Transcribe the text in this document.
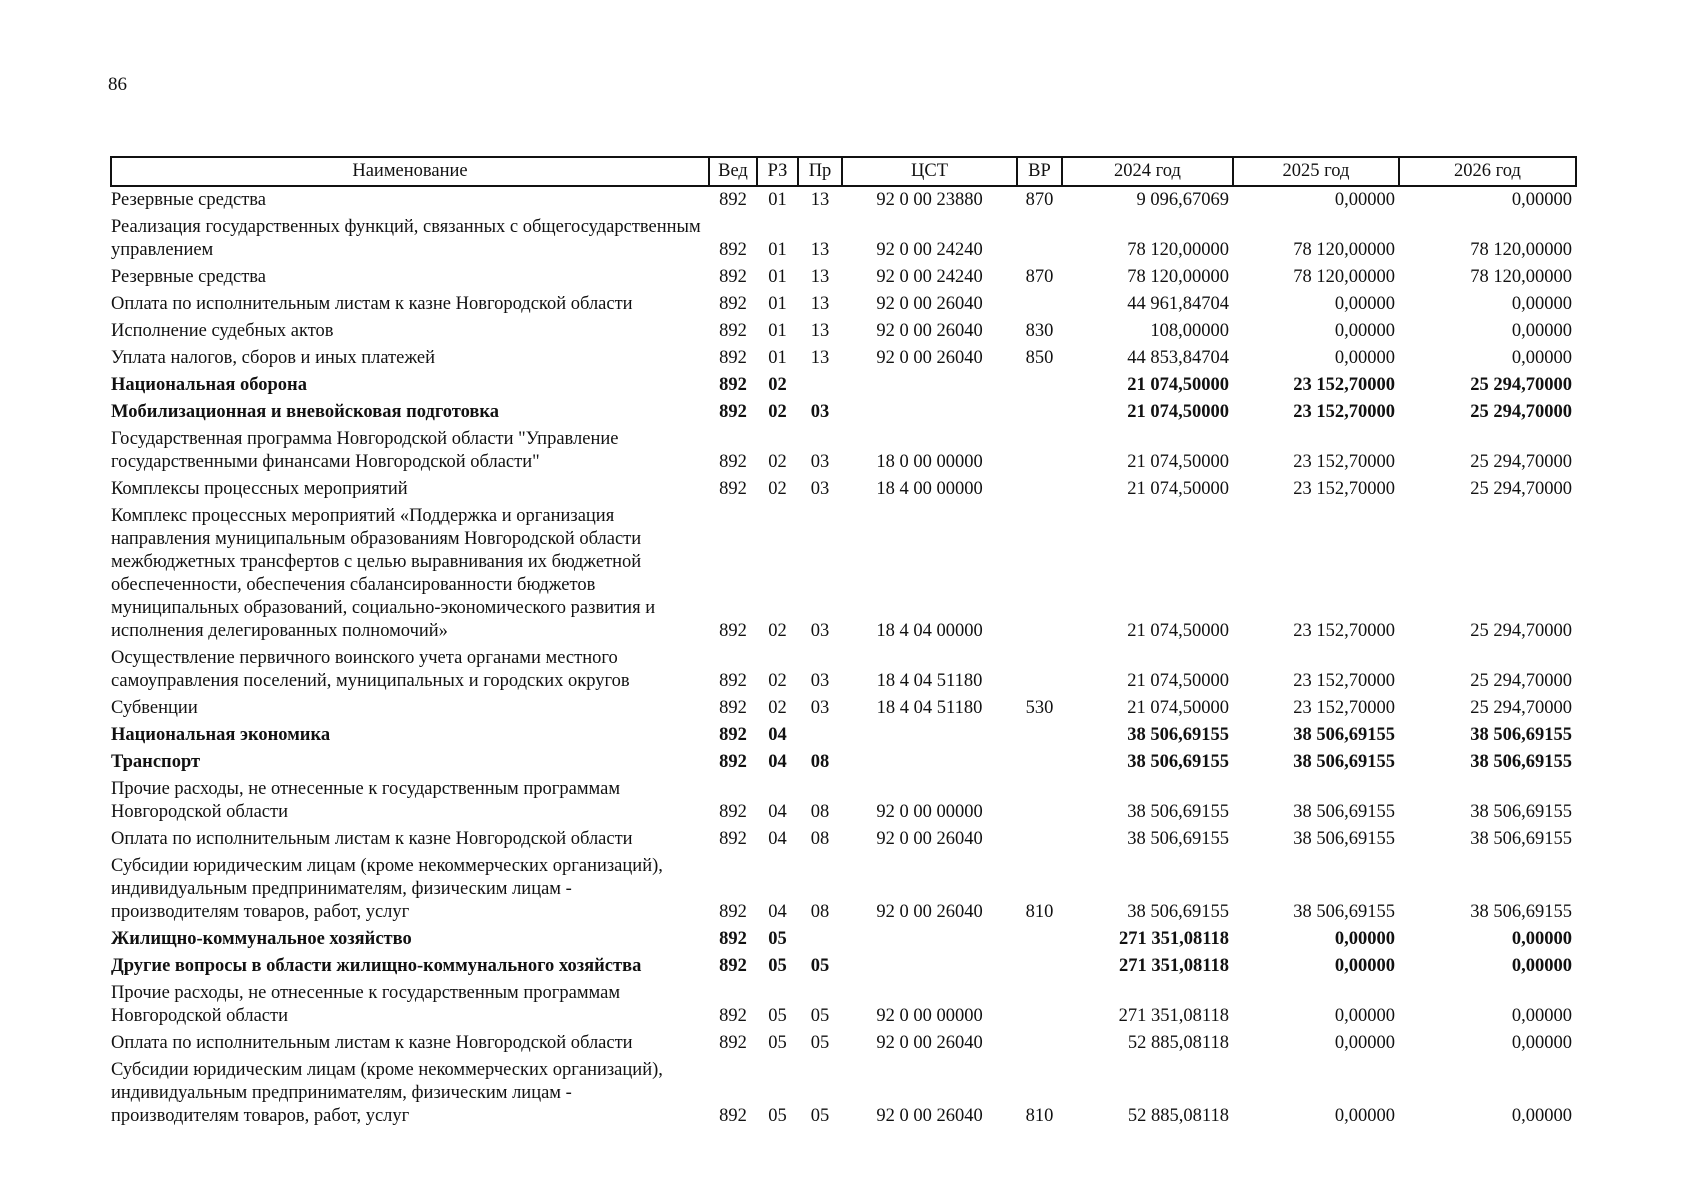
86
Наименование	Вед	РЗ	Пр	ЦСТ	ВР	2024 год	2025 год	2026 год
Резервные средства	892	01	13	92 0 00 23880	870	9 096,67069	0,00000	0,00000
Реализация государственных функций, связанных с общегосударственным управлением	892	01	13	92 0 00 24240		78 120,00000	78 120,00000	78 120,00000
Резервные средства	892	01	13	92 0 00 24240	870	78 120,00000	78 120,00000	78 120,00000
Оплата по исполнительным листам к казне Новгородской области	892	01	13	92 0 00 26040		44 961,84704	0,00000	0,00000
Исполнение судебных актов	892	01	13	92 0 00 26040	830	108,00000	0,00000	0,00000
Уплата налогов, сборов и иных платежей	892	01	13	92 0 00 26040	850	44 853,84704	0,00000	0,00000
Национальная оборона	892	02				21 074,50000	23 152,70000	25 294,70000
Мобилизационная и вневойсковая подготовка	892	02	03			21 074,50000	23 152,70000	25 294,70000
Государственная программа Новгородской области "Управление государственными финансами Новгородской области"	892	02	03	18 0 00 00000		21 074,50000	23 152,70000	25 294,70000
Комплексы процессных мероприятий	892	02	03	18 4 00 00000		21 074,50000	23 152,70000	25 294,70000
Комплекс процессных мероприятий «Поддержка и организация направления муниципальным образованиям Новгородской области межбюджетных трансфертов с целью выравнивания их бюджетной обеспеченности, обеспечения сбалансированности бюджетов муниципальных образований, социально-экономического развития и исполнения делегированных полномочий»	892	02	03	18 4 04 00000		21 074,50000	23 152,70000	25 294,70000
Осуществление первичного воинского учета органами местного самоуправления поселений, муниципальных и городских округов	892	02	03	18 4 04 51180		21 074,50000	23 152,70000	25 294,70000
Субвенции	892	02	03	18 4 04 51180	530	21 074,50000	23 152,70000	25 294,70000
Национальная экономика	892	04				38 506,69155	38 506,69155	38 506,69155
Транспорт	892	04	08			38 506,69155	38 506,69155	38 506,69155
Прочие расходы, не отнесенные к государственным программам Новгородской области	892	04	08	92 0 00 00000		38 506,69155	38 506,69155	38 506,69155
Оплата по исполнительным листам к казне Новгородской области	892	04	08	92 0 00 26040		38 506,69155	38 506,69155	38 506,69155
Субсидии юридическим лицам (кроме некоммерческих организаций), индивидуальным предпринимателям, физическим лицам - производителям товаров, работ, услуг	892	04	08	92 0 00 26040	810	38 506,69155	38 506,69155	38 506,69155
Жилищно-коммунальное хозяйство	892	05				271 351,08118	0,00000	0,00000
Другие вопросы в области жилищно-коммунального хозяйства	892	05	05			271 351,08118	0,00000	0,00000
Прочие расходы, не отнесенные к государственным программам Новгородской области	892	05	05	92 0 00 00000		271 351,08118	0,00000	0,00000
Оплата по исполнительным листам к казне Новгородской области	892	05	05	92 0 00 26040		52 885,08118	0,00000	0,00000
Субсидии юридическим лицам (кроме некоммерческих организаций), индивидуальным предпринимателям, физическим лицам - производителям товаров, работ, услуг	892	05	05	92 0 00 26040	810	52 885,08118	0,00000	0,00000
